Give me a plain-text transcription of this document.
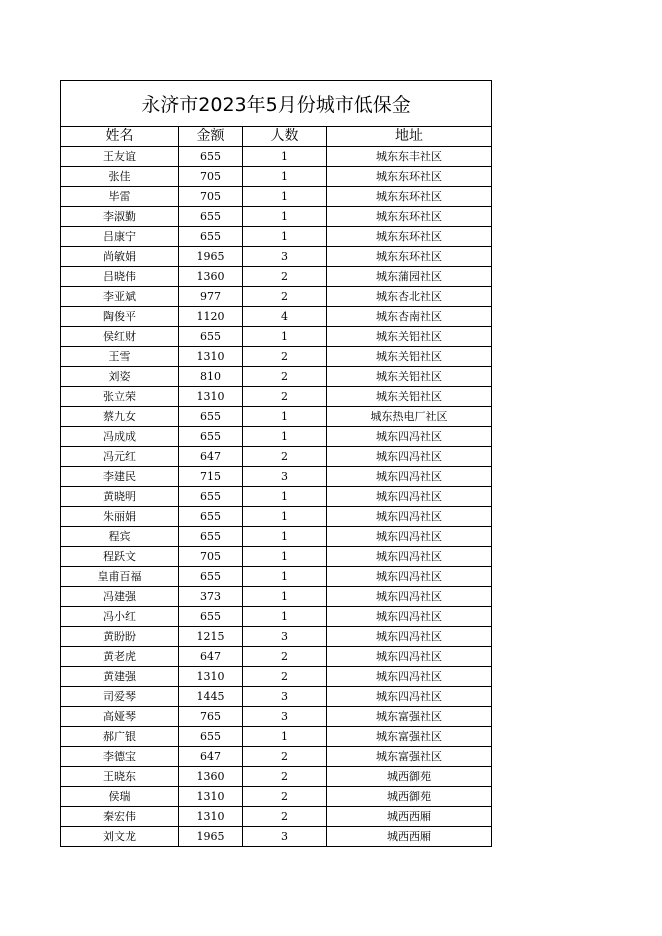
永济市2023年5月份城市低保金			
姓名	金额	人数	地址
王友谊	655	1	城东东丰社区
张佳	705	1	城东东环社区
毕雷	705	1	城东东环社区
李淑勤	655	1	城东东环社区
吕康宁	655	1	城东东环社区
尚敏娟	1965	3	城东东环社区
吕晓伟	1360	2	城东蒲园社区
李亚斌	977	2	城东杏北社区
陶俊平	1120	4	城东杏南社区
侯红财	655	1	城东关铝社区
王雪	1310	2	城东关铝社区
刘姿	810	2	城东关铝社区
张立荣	1310	2	城东关铝社区
蔡九女	655	1	城东热电厂社区
冯成成	655	1	城东四冯社区
冯元红	647	2	城东四冯社区
李建民	715	3	城东四冯社区
黄晓明	655	1	城东四冯社区
朱丽娟	655	1	城东四冯社区
程宾	655	1	城东四冯社区
程跃文	705	1	城东四冯社区
皇甫百福	655	1	城东四冯社区
冯建强	373	1	城东四冯社区
冯小红	655	1	城东四冯社区
黄盼盼	1215	3	城东四冯社区
黄老虎	647	2	城东四冯社区
黄建强	1310	2	城东四冯社区
司爱琴	1445	3	城东四冯社区
高娅琴	765	3	城东富强社区
郝广银	655	1	城东富强社区
李德宝	647	2	城东富强社区
王晓东	1360	2	城西御苑
侯瑞	1310	2	城西御苑
秦宏伟	1310	2	城西西厢
刘文龙	1965	3	城西西厢
